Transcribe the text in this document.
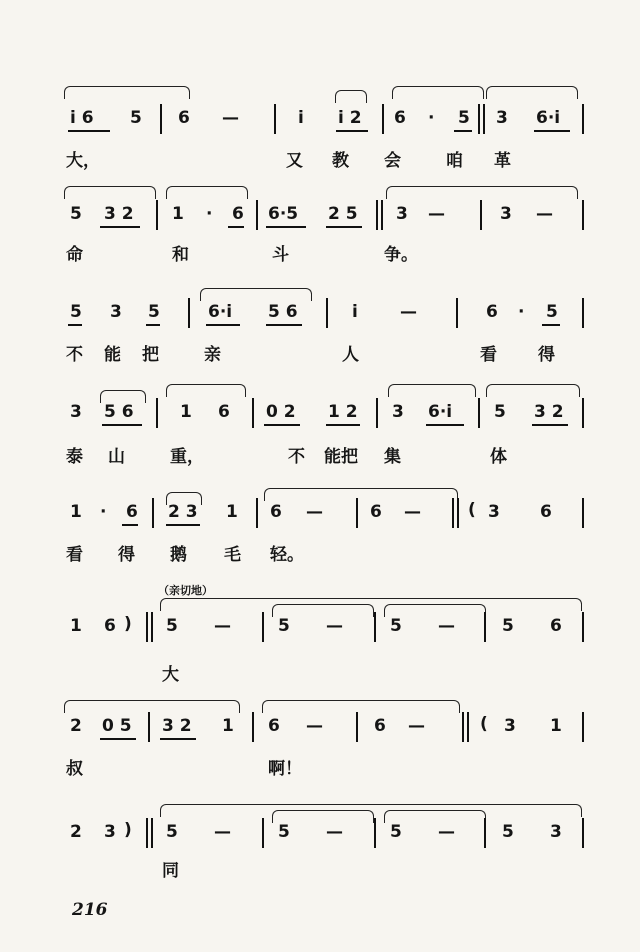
i 6 5 6 —	i i 2 6 · 5 3 6·i
大，	又 教 会	咱 革
5 3 2 1 · 6 6·5 2 5 3 —	3 —
命	和	斗	争。
5 3 5	6·i 5 6	i —	6 · 5
不 能 把	亲	人	看 得
3 5 6	1 6 0 2 1 2 3 6·i 5 3 2
泰 山	重，	不 能把 集	体
1 · 6 2 3 1 6 —	6 —	( 3 6
看 得 鹅 毛 轻。
（亲切地）
1 6 ) 5 —	5 —	5 —	5 6
大
2 0 5 3 2 1 6 —	6 —	( 3 1
叔	啊！
2 3 ) 5 —	5 —	5 —	5 3
同
216
